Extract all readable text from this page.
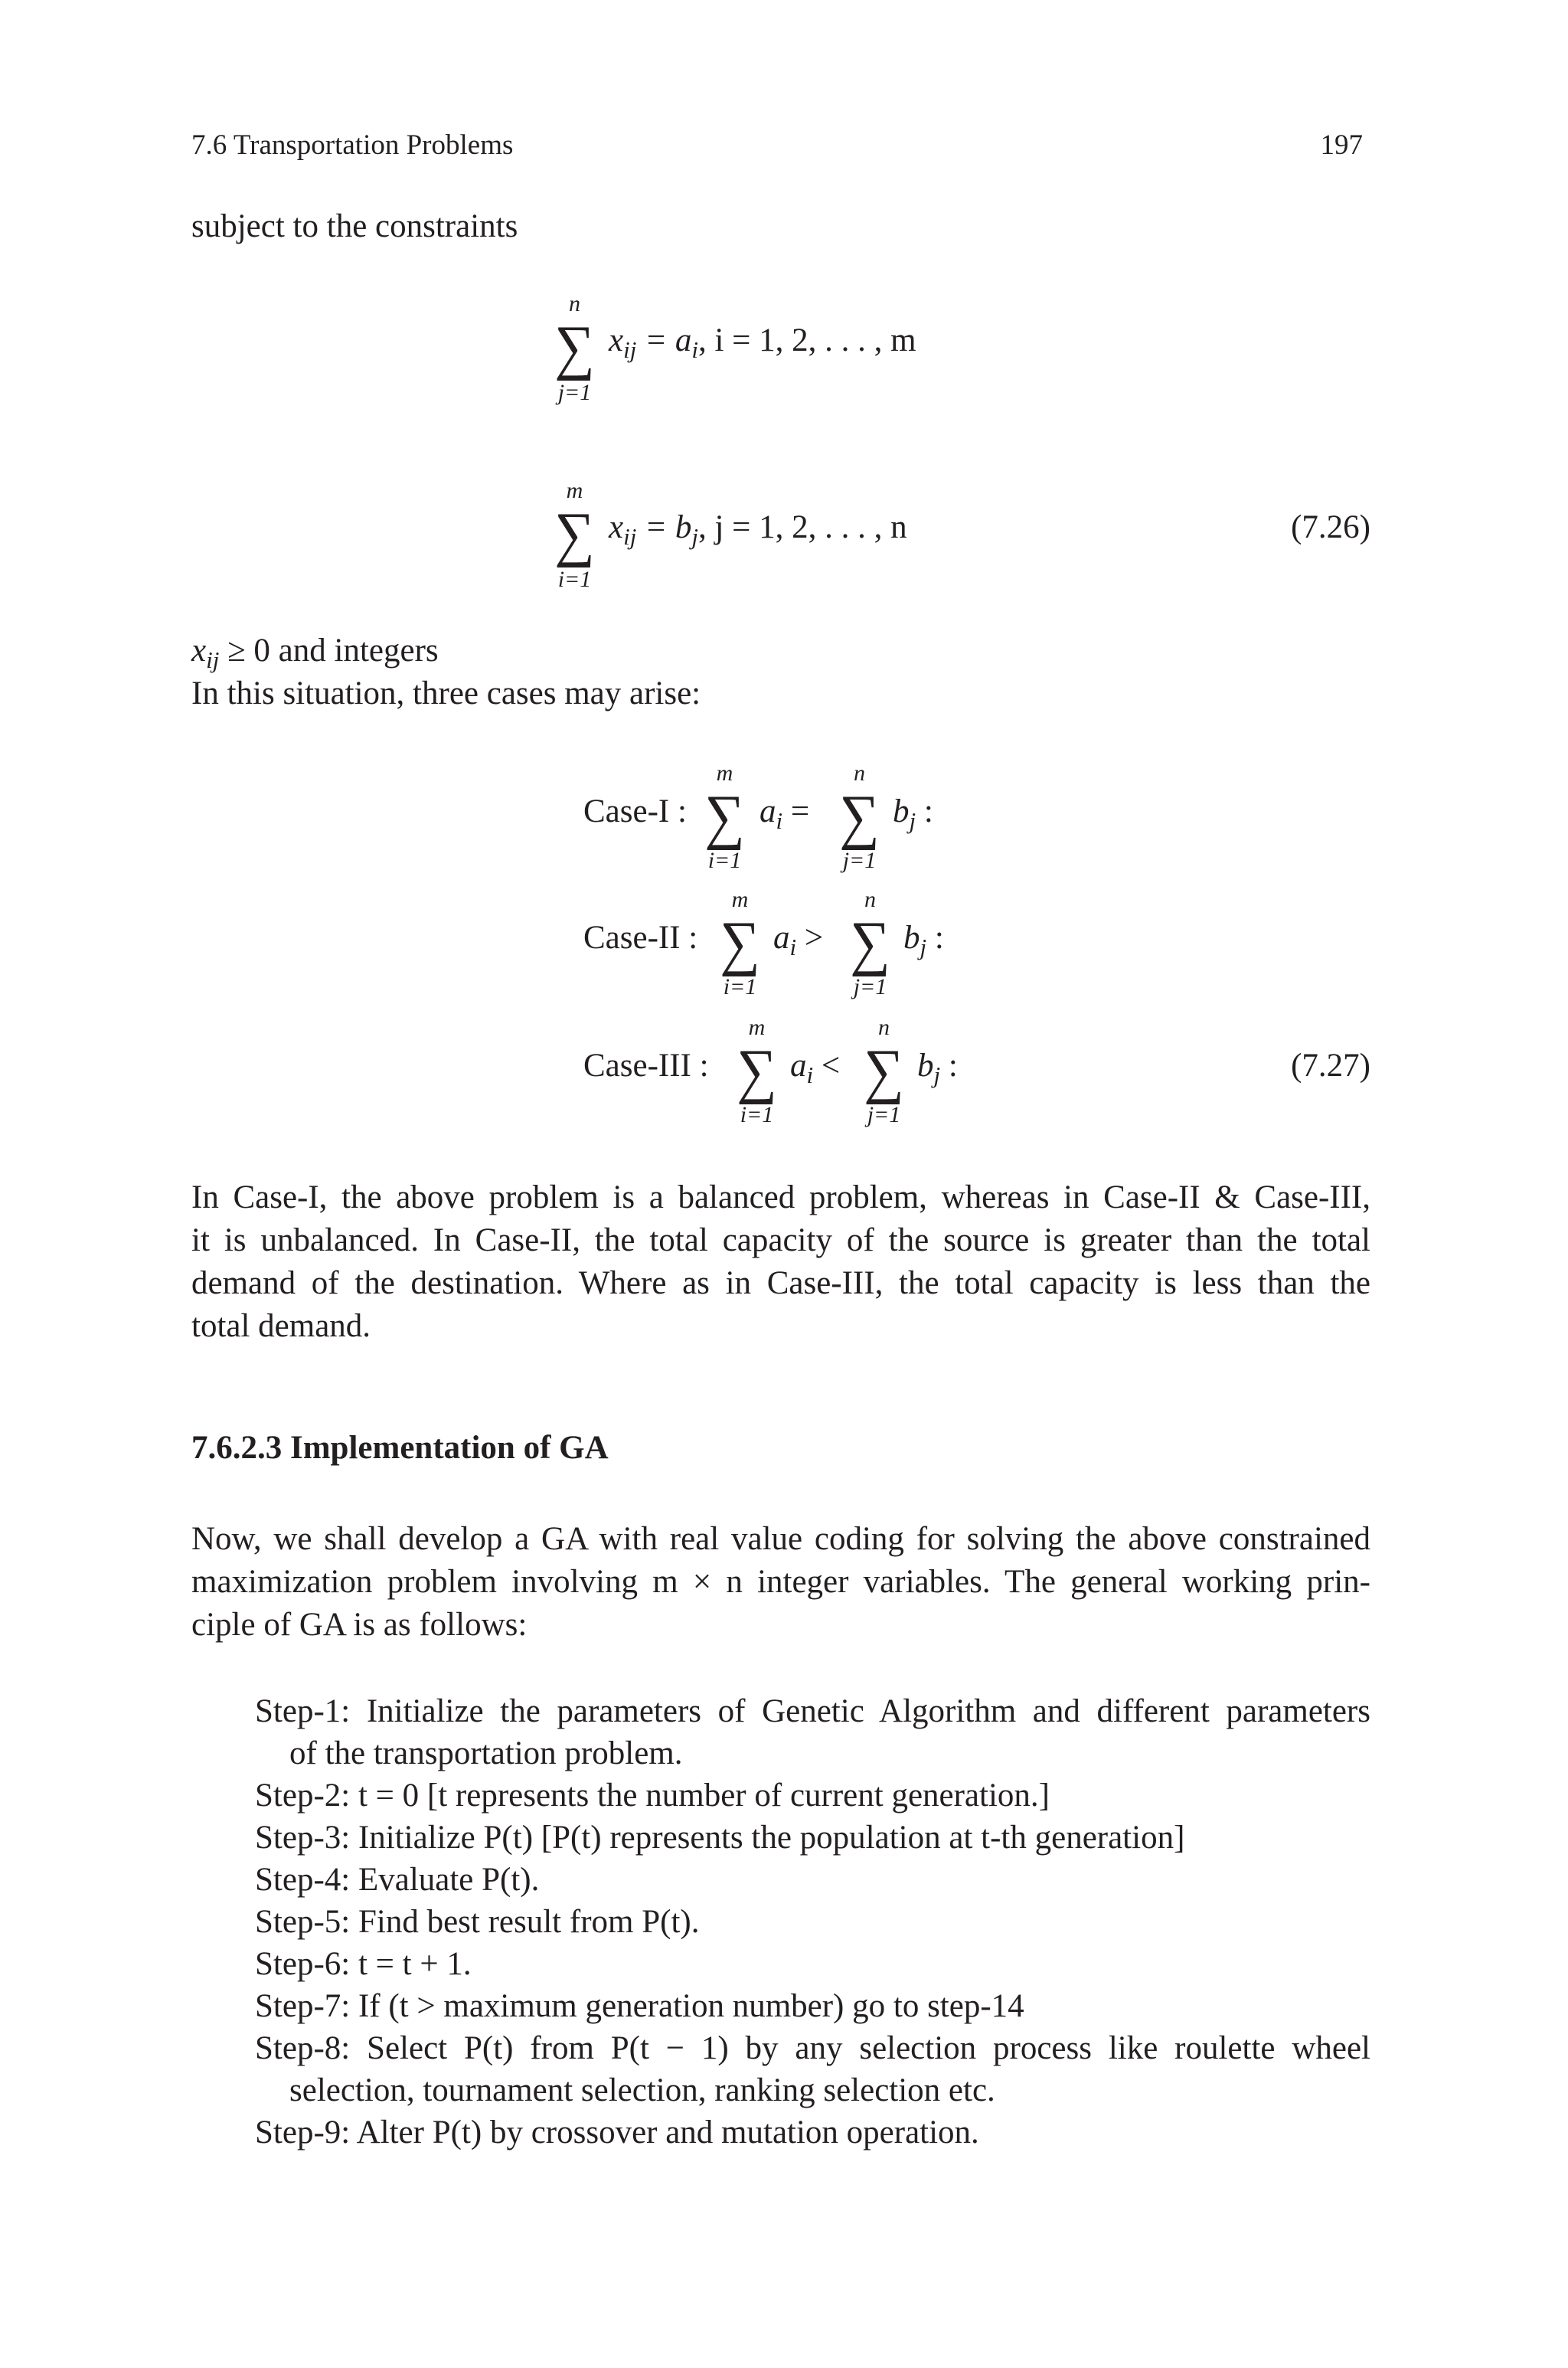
7.6 Transportation Problems	197
subject to the constraints
n
∑
j=1
$x_{ij} = a_i$, i = 1, 2, . . . , m
m
∑
i=1
$x_{ij} = b_j$, j = 1, 2, . . . , n	(7.26)
$x_{ij} \ge 0$ and integers
In this situation, three cases may arise:
Case-I :
m
∑
i=1
$a_i$ =
n
∑
j=1
$b_j$ :
Case-II :
m
∑
i=1
$a_i$ >
n
∑
j=1
$b_j$ :
Case-III :
m
∑
i=1
$a_i$ <
n
∑
j=1
$b_j$ :	(7.27)
In Case-I, the above problem is a balanced problem, whereas in Case-II & Case-III,
it is unbalanced. In Case-II, the total capacity of the source is greater than the total
demand of the destination. Where as in Case-III, the total capacity is less than the
total demand.
7.6.2.3 Implementation of GA
Now, we shall develop a GA with real value coding for solving the above constrained
maximization problem involving m × n integer variables. The general working prin-
ciple of GA is as follows:
Step-1: Initialize the parameters of Genetic Algorithm and different parameters
of the transportation problem.
Step-2: t = 0 [t represents the number of current generation.]
Step-3: Initialize P(t) [P(t) represents the population at t-th generation]
Step-4: Evaluate P(t).
Step-5: Find best result from P(t).
Step-6: t = t + 1.
Step-7: If (t > maximum generation number) go to step-14
Step-8: Select P(t) from P(t − 1) by any selection process like roulette wheel
selection, tournament selection, ranking selection etc.
Step-9: Alter P(t) by crossover and mutation operation.
